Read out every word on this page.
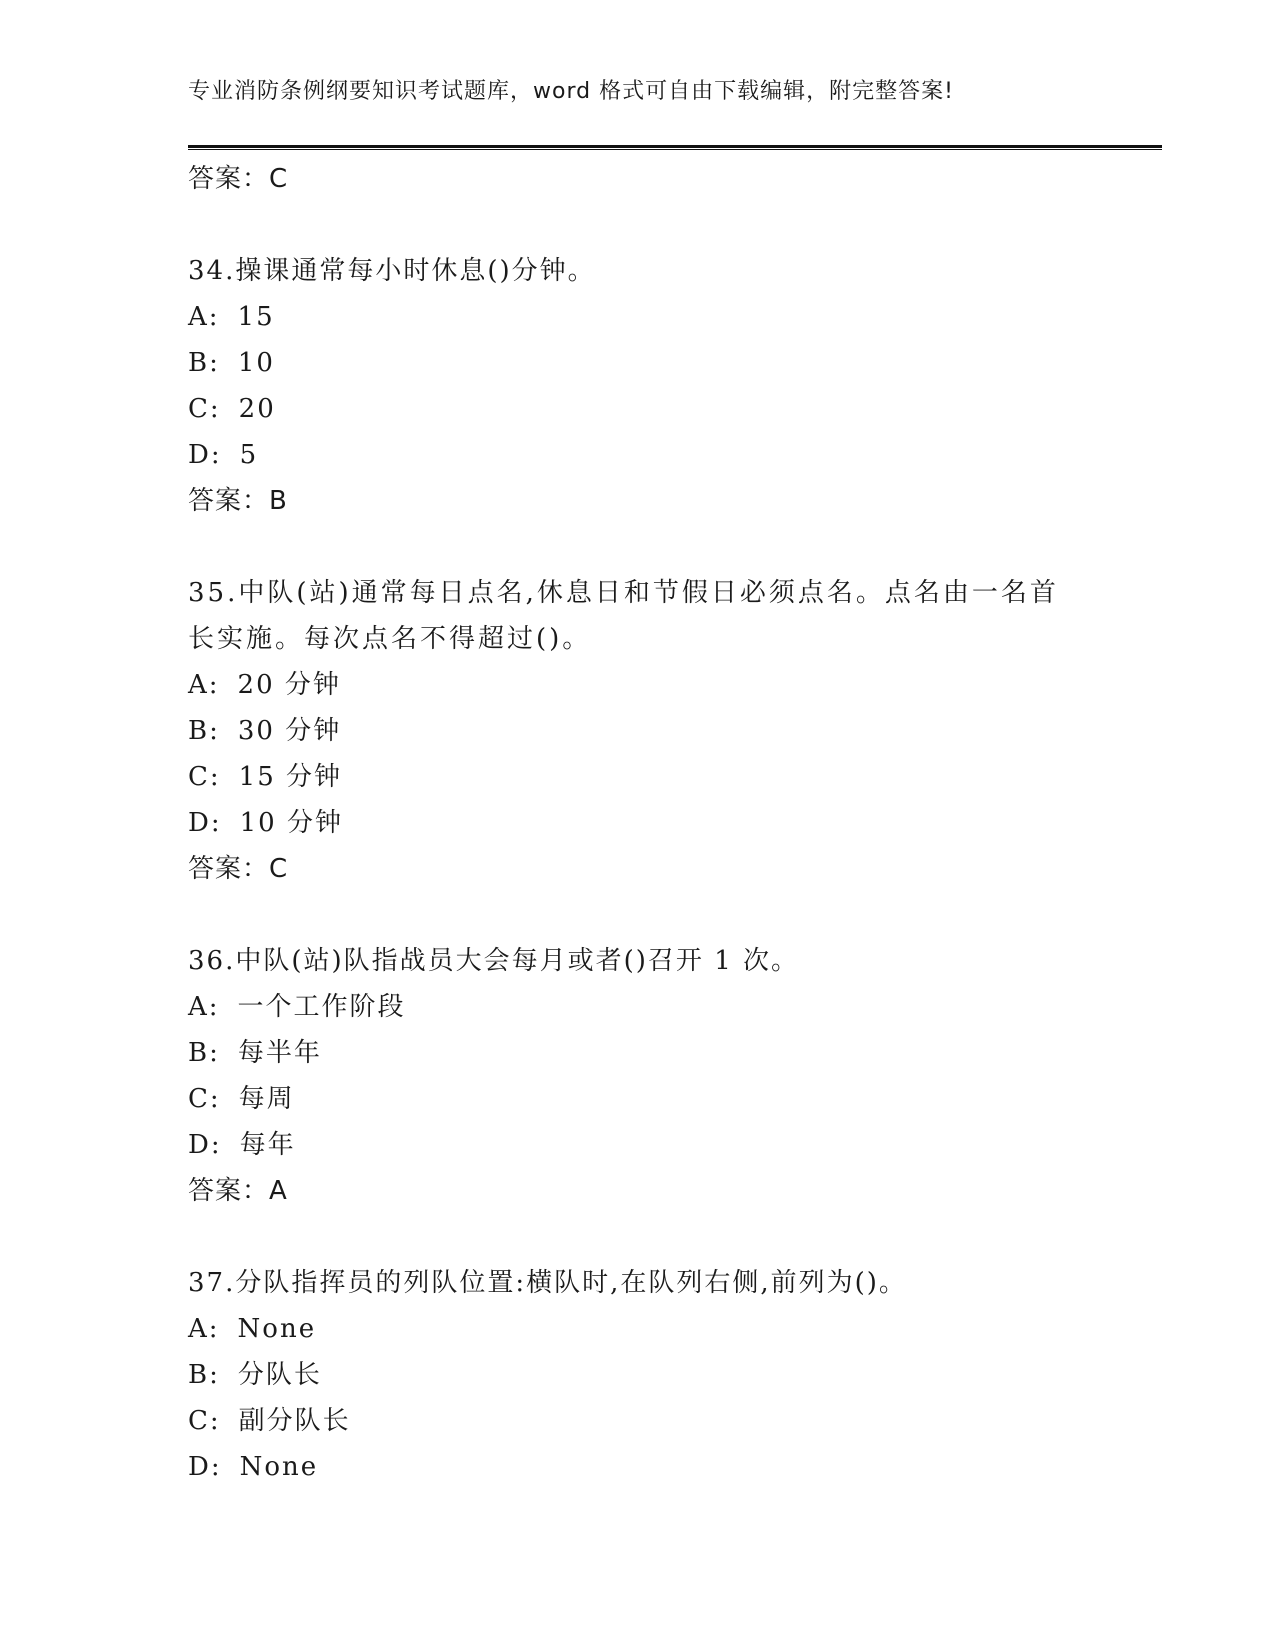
专业消防条例纲要知识考试题库，word 格式可自由下载编辑，附完整答案!
答案：C
34.操课通常每小时休息()分钟。
A: 15
B: 10
C: 20
D: 5
答案：B
35.中队(站)通常每日点名,休息日和节假日必须点名。点名由一名首长实施。每次点名不得超过()。
A: 20 分钟
B: 30 分钟
C: 15 分钟
D: 10 分钟
答案：C
36.中队(站)队指战员大会每月或者()召开 1 次。
A: 一个工作阶段
B: 每半年
C: 每周
D: 每年
答案：A
37.分队指挥员的列队位置:横队时,在队列右侧,前列为()。
A: None
B: 分队长
C: 副分队长
D: None
